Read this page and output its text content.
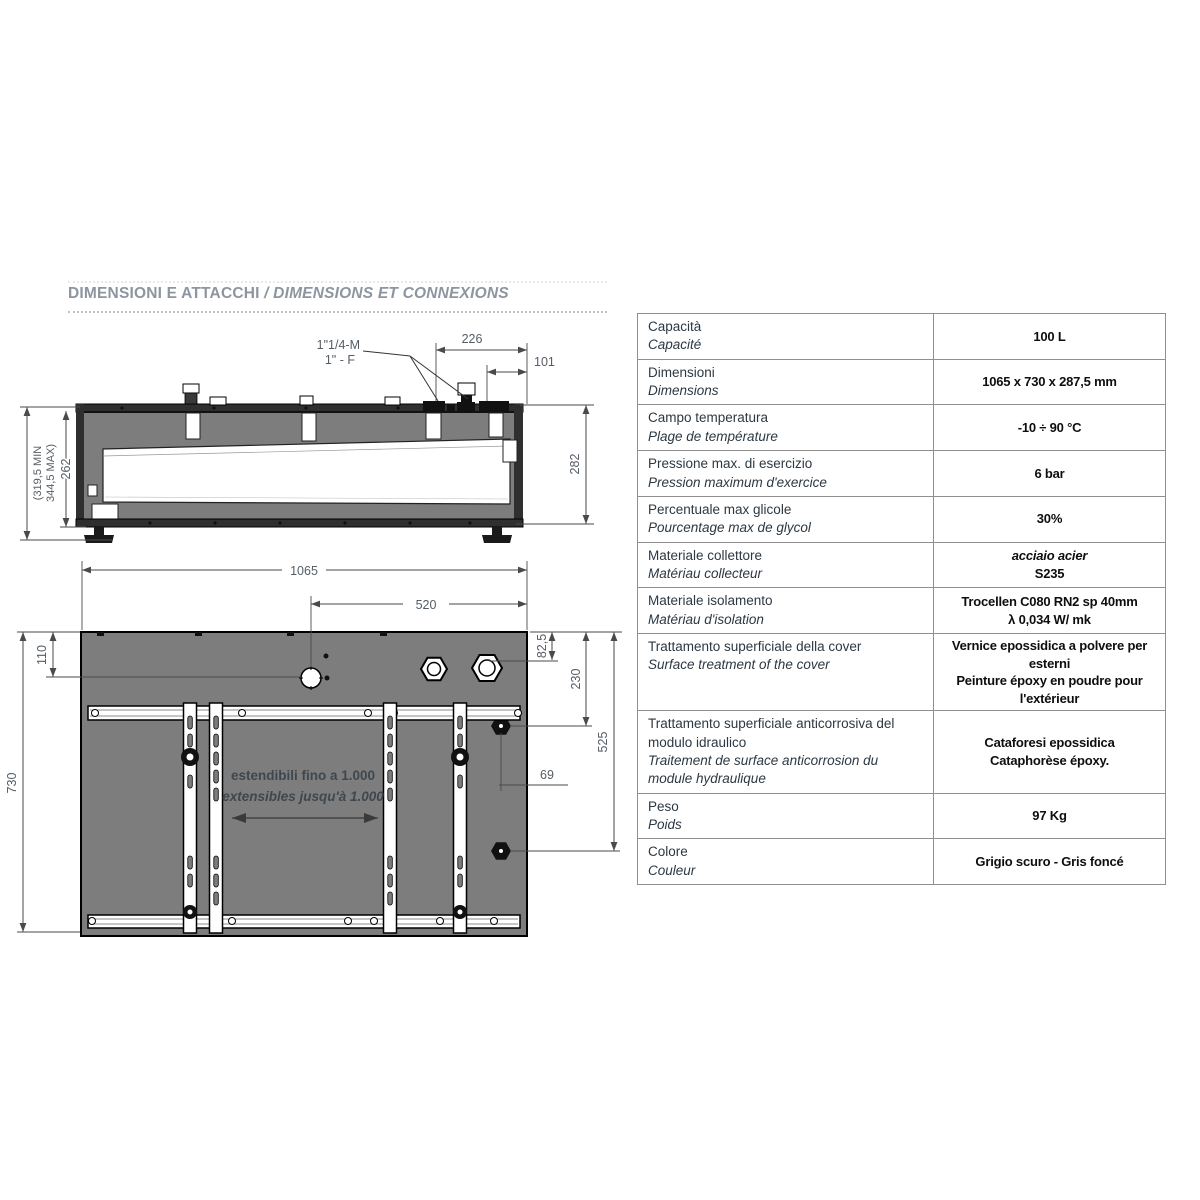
DIMENSIONI E ATTACCHI / DIMENSIONS ET CONNEXIONS
1"1/4-M
1" - F
226
101
282
262
(319,5 MIN 344,5 MAX)
estendibili fino a 1.000
extensibles jusqu'à 1.000
1065
520
110
730
82,5
230
525
69
Capacità
Capacité
100 L
Dimensioni
Dimensions
1065 x 730 x 287,5 mm
Campo temperatura
Plage de température
-10 ÷ 90 °C
Pressione max. di esercizio
Pression maximum d'exercice
6 bar
Percentuale max glicole
Pourcentage max de glycol
30%
Materiale collettore
Matériau collecteur
acciaio acier
S235
Materiale isolamento
Matériau d'isolation
Trocellen C080 RN2 sp 40mm
λ 0,034 W/ mk
Trattamento superficiale della cover
Surface treatment of the cover
Vernice epossidica a polvere per esterni
Peinture époxy en poudre pour l'extérieur
Trattamento superficiale anticorrosiva del modulo idraulico
Traitement de surface anticorrosion du module hydraulique
Cataforesi epossidica
Cataphorèse époxy.
Peso
Poids
97 Kg
Colore
Couleur
Grigio scuro - Gris foncé
